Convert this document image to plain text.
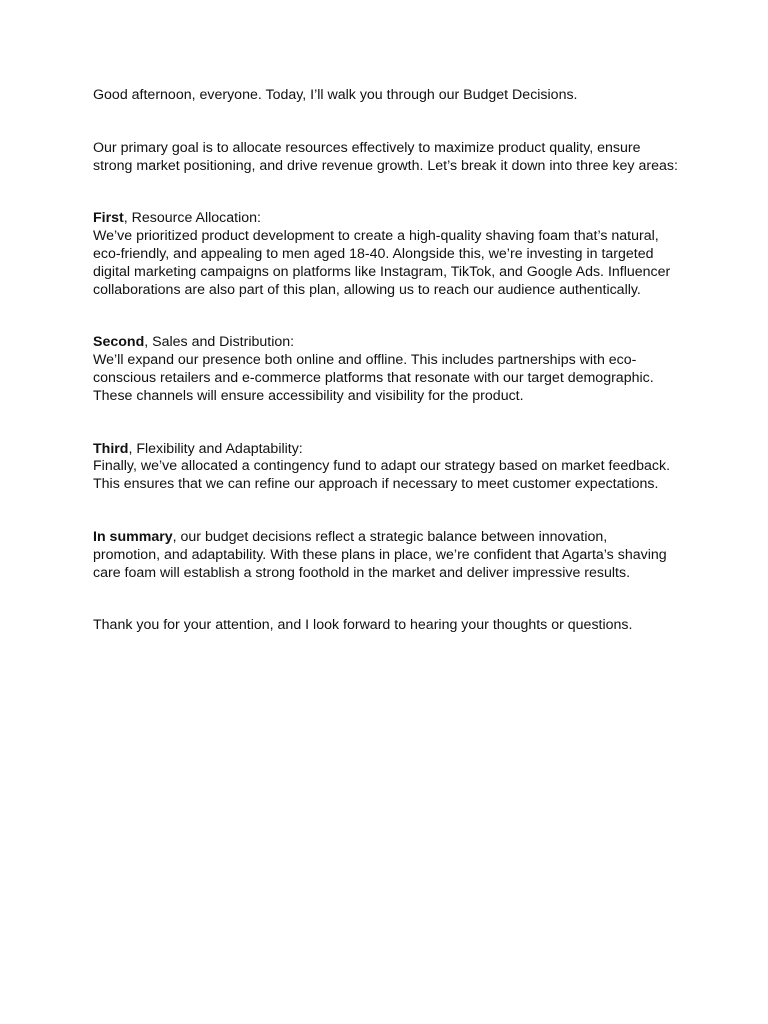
Good afternoon, everyone. Today, I’ll walk you through our Budget Decisions.

Our primary goal is to allocate resources effectively to maximize product quality, ensure strong market positioning, and drive revenue growth. Let’s break it down into three key areas:

First, Resource Allocation:

We’ve prioritized product development to create a high-quality shaving foam that’s natural, eco-friendly, and appealing to men aged 18-40. Alongside this, we’re investing in targeted digital marketing campaigns on platforms like Instagram, TikTok, and Google Ads. Influencer collaborations are also part of this plan, allowing us to reach our audience authentically.

Second, Sales and Distribution:

We’ll expand our presence both online and offline. This includes partnerships with eco-conscious retailers and e-commerce platforms that resonate with our target demographic. These channels will ensure accessibility and visibility for the product.

Third, Flexibility and Adaptability:

Finally, we’ve allocated a contingency fund to adapt our strategy based on market feedback. This ensures that we can refine our approach if necessary to meet customer expectations.

In summary, our budget decisions reflect a strategic balance between innovation, promotion, and adaptability. With these plans in place, we’re confident that Agarta’s shaving care foam will establish a strong foothold in the market and deliver impressive results.

Thank you for your attention, and I look forward to hearing your thoughts or questions.
